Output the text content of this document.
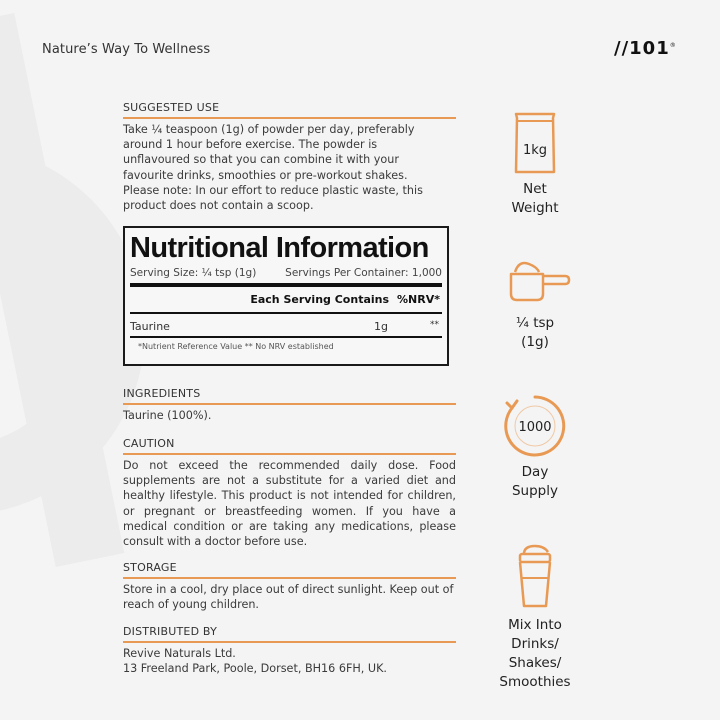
Nature’s Way To Wellness	//101®
SUGGESTED USE
Take ¼ teaspoon (1g) of powder per day, preferably around 1 hour before exercise. The powder is unflavoured so that you can combine it with your favourite drinks, smoothies or pre-workout shakes. Please note: In our effort to reduce plastic waste, this product does not contain a scoop.
Nutritional Information
Serving Size: ¼ tsp (1g)	Servings Per Container: 1,000
Each Serving Contains %NRV*
Taurine	1g	**
*Nutrient Reference Value ** No NRV established
INGREDIENTS
Taurine (100%).
CAUTION
Do not exceed the recommended daily dose. Food supplements are not a substitute for a varied diet and healthy lifestyle. This product is not intended for children, or pregnant or breastfeeding women. If you have a medical condition or are taking any medications, please consult with a doctor before use.
STORAGE
Store in a cool, dry place out of direct sunlight. Keep out of reach of young children.
DISTRIBUTED BY
Revive Naturals Ltd.
13 Freeland Park, Poole, Dorset, BH16 6FH, UK.
1kg
Net
Weight
¼ tsp
(1g)
1000
Day
Supply
Mix Into
Drinks/ Shakes/
Smoothies
